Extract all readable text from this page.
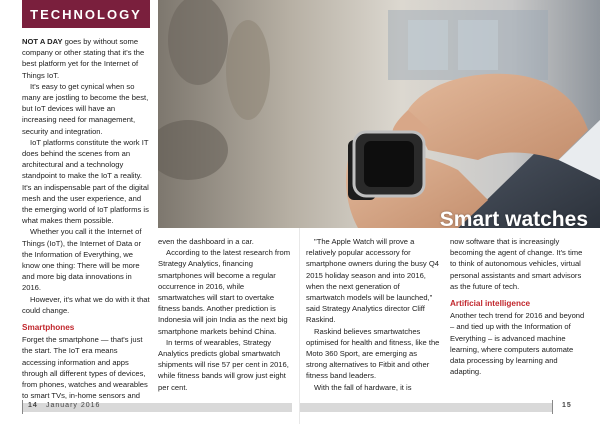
TECHNOLOGY
Smart watches

NOT A DAY goes by without some company or other stating that it's the best platform yet for the Internet of Things IoT.

It's easy to get cynical when so many are jostling to become the best, but IoT devices will have an increasing need for management, security and integration.

IoT platforms constitute the work IT does behind the scenes from an architectural and a technology standpoint to make the IoT a reality. It's an indispensable part of the digital mesh and the user experience, and the emerging world of IoT platforms is what makes them possible.

Whether you call it the Internet of Things (IoT), the Internet of Data or the Information of Everything, we know one thing: There will be more and more big data innovations in 2016.

However, it's what we do with it that could change.

Smartphones

Forget the smartphone — that's just the start. The IoT era means accessing information and apps through all different types of devices, from phones, watches and wearables to smart TVs, in-home sensors and

even the dashboard in a car.

According to the latest research from Strategy Analytics, financing smartphones will become a regular occurrence in 2016, while smartwatches will start to overtake fitness bands. Another prediction is Indonesia will join India as the next big smartphone markets behind China.

In terms of wearables, Strategy Analytics predicts global smartwatch shipments will rise 57 per cent in 2016, while fitness bands will grow just eight per cent.

"The Apple Watch will prove a relatively popular accessory for smartphone owners during the busy Q4 2015 holiday season and into 2016, when the next generation of smartwatch models will be launched," said Strategy Analytics director Cliff Raskind.

Raskind believes smartwatches optimised for health and fitness, like the Moto 360 Sport, are emerging as strong alternatives to Fitbit and other fitness band leaders.

With the fall of hardware, it is

now software that is increasingly becoming the agent of change. It's time to think of autonomous vehicles, virtual personal assistants and smart advisors as the future of tech.

Artificial intelligence

Another tech trend for 2016 and beyond – and tied up with the Information of Everything – is advanced machine learning, where computers automate data processing by learning and adapting.

14 January 2016	15
